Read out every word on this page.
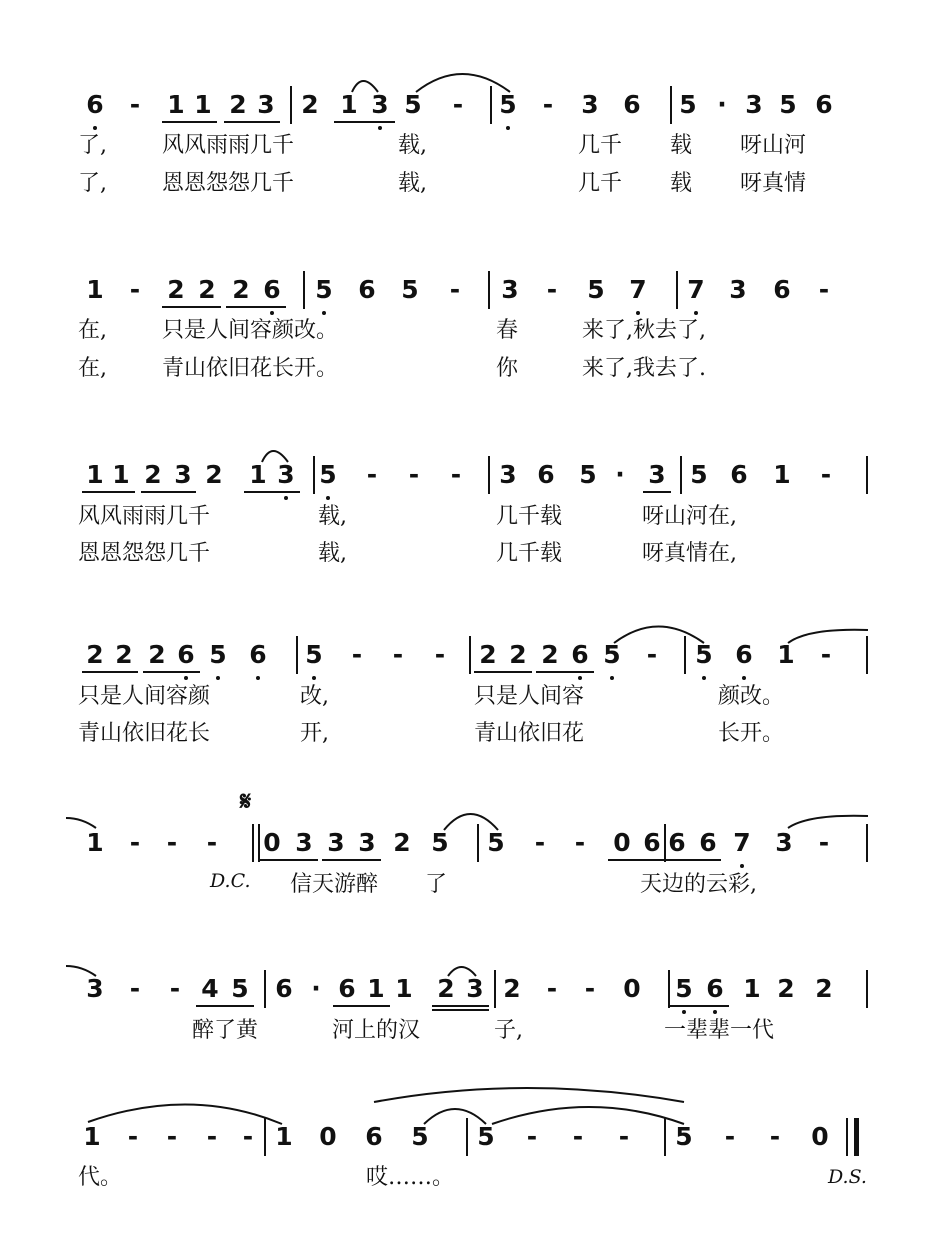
6	-	1 1 2 3 2 1 3 5	-	5	-	3 6 5 · 3 5 6
了,	风风雨雨几千	载,	几千 载 呀山河
了,	恩恩怨怨几千	载,	几千 载 呀真情
1	-	2 2 2 6 5 6 5	-	3	-	5 7 7 3 6	-
在,	只是人间容颜改。	春	来了,秋去了,
在,	青山依旧花长开。	你	来了,我去了.
1 1 2 3 2 1 3 5	-	-	-	3 6 5 · 3 5 6 1	-
风风雨雨几千	载,	几千载	呀山河在,
恩恩怨怨几千	载,	几千载	呀真情在,
2 2 2 6 5 6 5	-	-	-	2 2 2 6 5	-	5 6 1	-
只是人间容颜	改,	只是人间容	颜改。
青山依旧花长	开,	青山依旧花	长开。
1	-	-	-	0 3 3 3 2 5 5	-	-	0 6 6 6 7 3	-
𝄋
D.C. 信天游醉 了	天边的云彩,
3	-	- 4 5 6 · 6 1 1 2 3 2	-	-	0 5 6 1 2 2
醉了黄	河上的汉	子,	一辈辈一代
1	-	-	-	- 1 0 6 5 5	-	-	-	5	-	-	0
D.S.
代。	哎……。
